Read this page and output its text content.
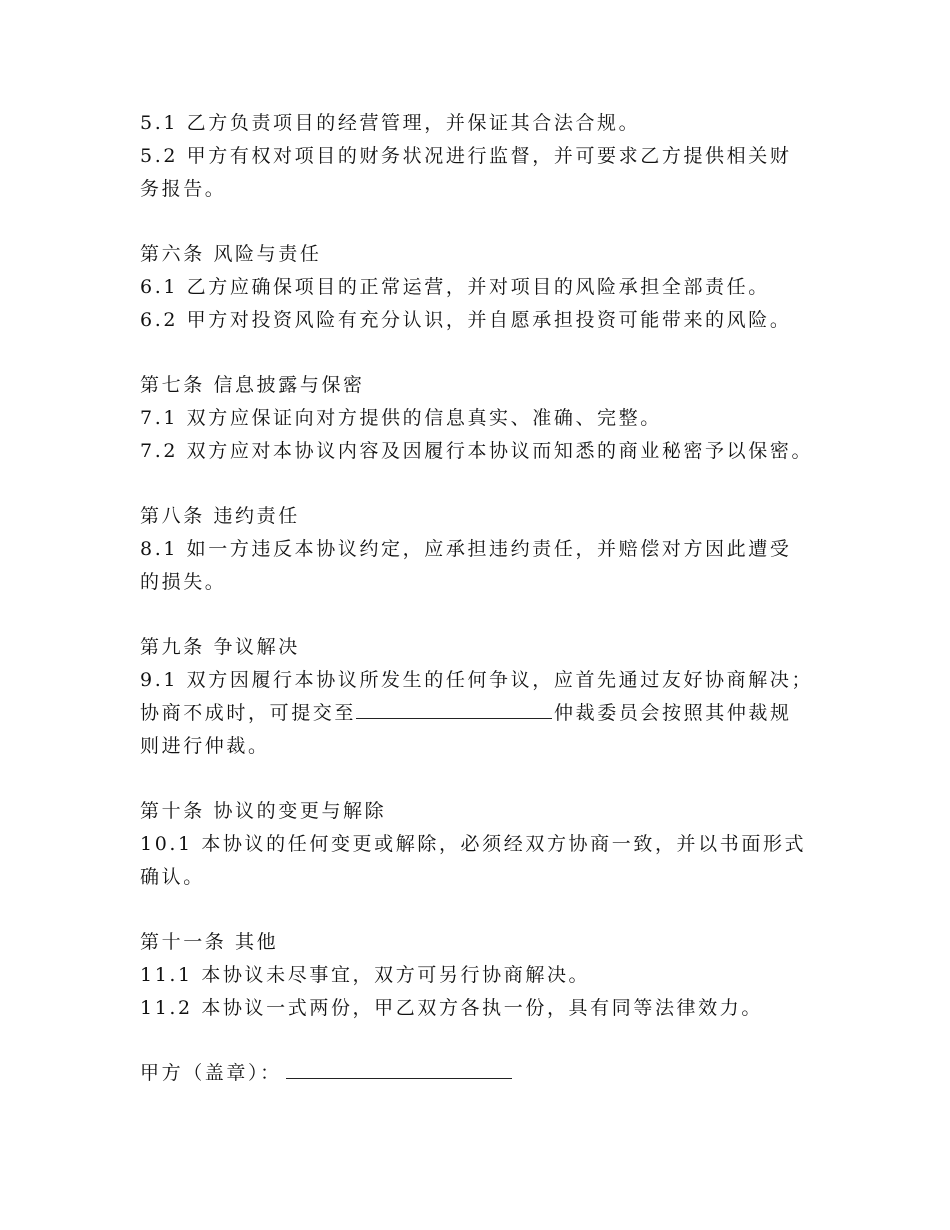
5.1 乙方负责项目的经营管理，并保证其合法合规。
5.2 甲方有权对项目的财务状况进行监督，并可要求乙方提供相关财
务报告。
第六条 风险与责任
6.1 乙方应确保项目的正常运营，并对项目的风险承担全部责任。
6.2 甲方对投资风险有充分认识，并自愿承担投资可能带来的风险。
第七条 信息披露与保密
7.1 双方应保证向对方提供的信息真实、准确、完整。
7.2 双方应对本协议内容及因履行本协议而知悉的商业秘密予以保密。
第八条 违约责任
8.1 如一方违反本协议约定，应承担违约责任，并赔偿对方因此遭受
的损失。
第九条 争议解决
9.1 双方因履行本协议所发生的任何争议，应首先通过友好协商解决；
协商不成时，可提交至	仲裁委员会按照其仲裁规
则进行仲裁。
第十条 协议的变更与解除
10.1 本协议的任何变更或解除，必须经双方协商一致，并以书面形式
确认。
第十一条 其他
11.1 本协议未尽事宜，双方可另行协商解决。
11.2 本协议一式两份，甲乙双方各执一份，具有同等法律效力。
甲方（盖章）：
